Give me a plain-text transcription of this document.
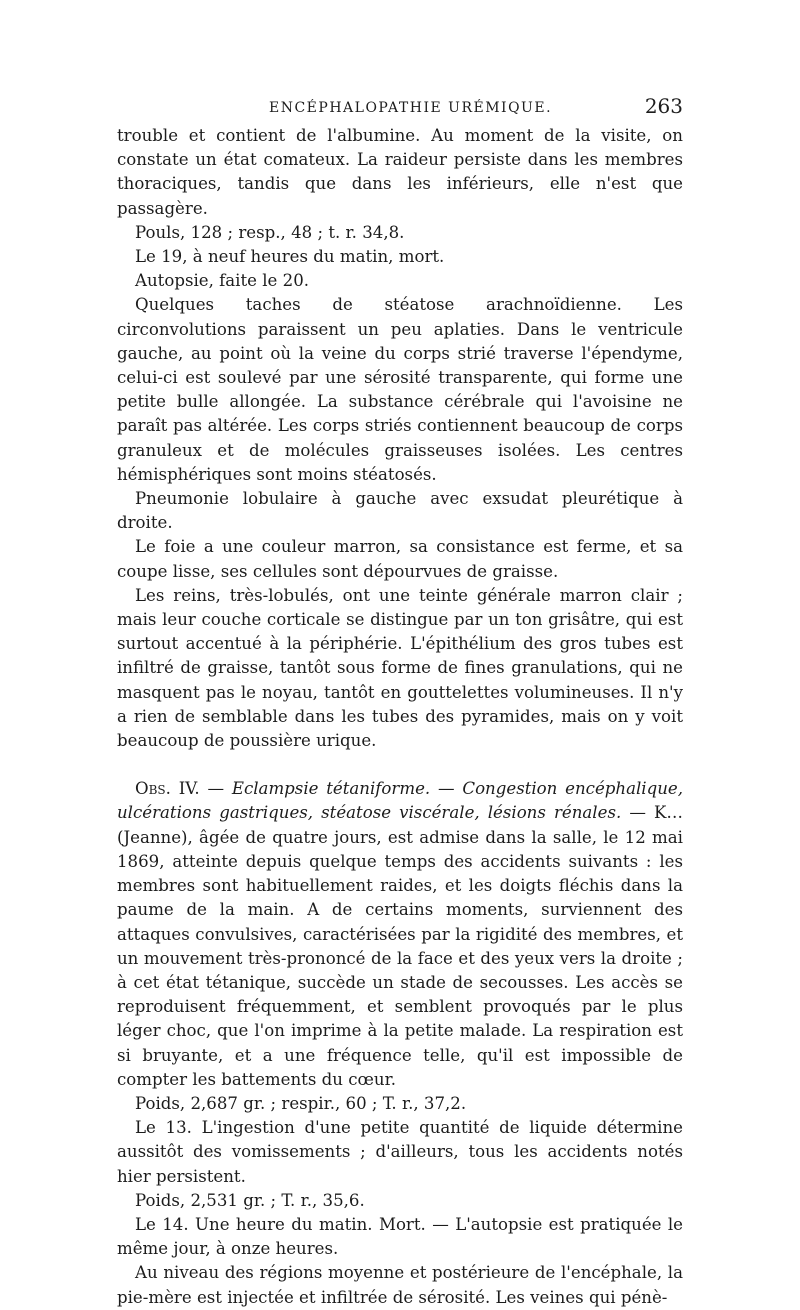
ENCÉPHALOPATHIE URÉMIQUE.	263

trouble et contient de l'albumine. Au moment de la visite, on constate un état comateux. La raideur persiste dans les membres thoraciques, tandis que dans les inférieurs, elle n'est que passagère.

Pouls, 128 ; resp., 48 ; t. r. 34,8.

Le 19, à neuf heures du matin, mort.

Autopsie, faite le 20.

Quelques taches de stéatose arachnoïdienne. Les circonvolutions paraissent un peu aplaties. Dans le ventricule gauche, au point où la veine du corps strié traverse l'épendyme, celui-ci est soulevé par une sérosité transparente, qui forme une petite bulle allongée. La substance cérébrale qui l'avoisine ne paraît pas altérée. Les corps striés contiennent beaucoup de corps granuleux et de molécules graisseuses isolées. Les centres hémisphériques sont moins stéatosés.

Pneumonie lobulaire à gauche avec exsudat pleurétique à droite.

Le foie a une couleur marron, sa consistance est ferme, et sa coupe lisse, ses cellules sont dépourvues de graisse.

Les reins, très-lobulés, ont une teinte générale marron clair ; mais leur couche corticale se distingue par un ton grisâtre, qui est surtout accentué à la périphérie. L'épithélium des gros tubes est infiltré de graisse, tantôt sous forme de fines granulations, qui ne masquent pas le noyau, tantôt en gouttelettes volumineuses. Il n'y a rien de semblable dans les tubes des pyramides, mais on y voit beaucoup de poussière urique.

Obs. IV. — Eclampsie tétaniforme. — Congestion encéphalique, ulcérations gastriques, stéatose viscérale, lésions rénales. — K… (Jeanne), âgée de quatre jours, est admise dans la salle, le 12 mai 1869, atteinte depuis quelque temps des accidents suivants : les membres sont habituellement raides, et les doigts fléchis dans la paume de la main. A de certains moments, surviennent des attaques convulsives, caractérisées par la rigidité des membres, et un mouvement très-prononcé de la face et des yeux vers la droite ; à cet état tétanique, succède un stade de secousses. Les accès se reproduisent fréquemment, et semblent provoqués par le plus léger choc, que l'on imprime à la petite malade. La respiration est si bruyante, et a une fréquence telle, qu'il est impossible de compter les battements du cœur.

Poids, 2,687 gr. ; respir., 60 ; T. r., 37,2.

Le 13. L'ingestion d'une petite quantité de liquide détermine aussitôt des vomissements ; d'ailleurs, tous les accidents notés hier persistent.

Poids, 2,531 gr. ; T. r., 35,6.

Le 14. Une heure du matin. Mort. — L'autopsie est pratiquée le même jour, à onze heures.

Au niveau des régions moyenne et postérieure de l'encéphale, la pie-mère est injectée et infiltrée de sérosité. Les veines qui pénè-
